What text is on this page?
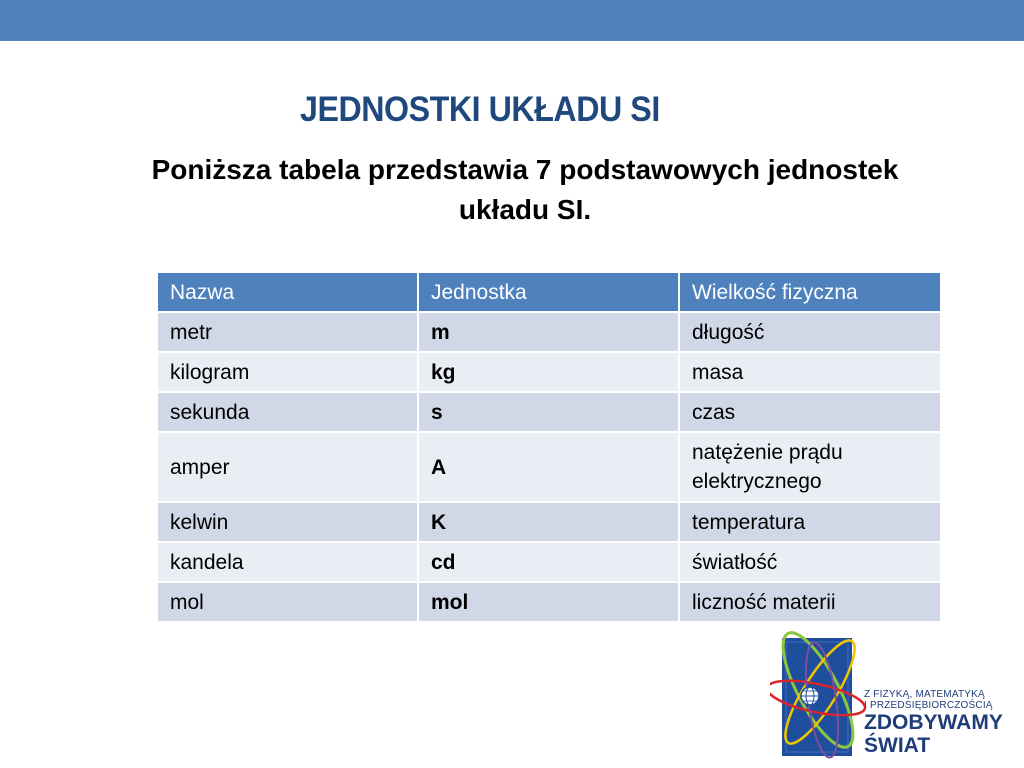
JEDNOSTKI UKŁADU SI

Poniższa tabela przedstawia 7 podstawowych jednostek układu SI.

Nazwa	Jednostka	Wielkość fizyczna
metr	m	długość
kilogram	kg	masa
sekunda	s	czas
amper	A	natężenie prądu elektrycznego
kelwin	K	temperatura
kandela	cd	światłość
mol	mol	liczność materii

Z FIZYKĄ, MATEMATYKĄ
I PRZEDSIĘBIORCZOŚCIĄ

ZDOBYWAMY
ŚWIAT
